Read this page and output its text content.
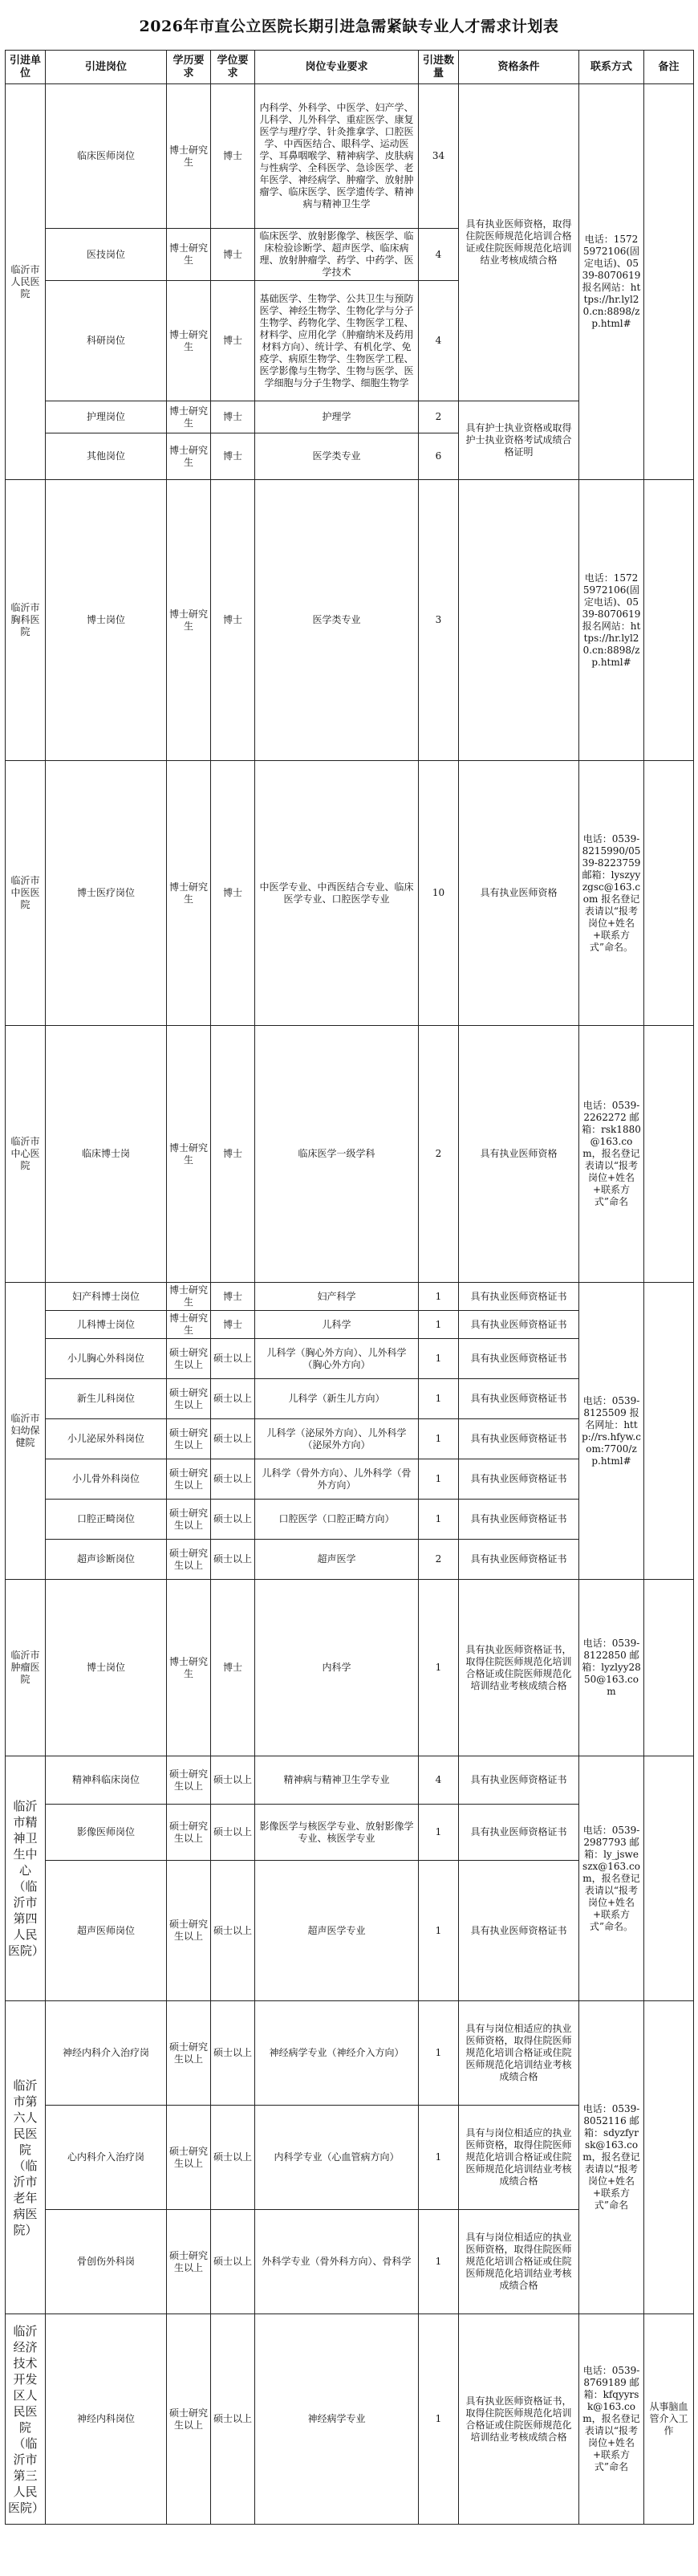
2026年市直公立医院长期引进急需紧缺专业人才需求计划表
引进单位	引进岗位	学历要求	学位要求	岗位专业要求	引进数量	资格条件	联系方式	备注
临沂市人民医院	临床医师岗位	博士研究生	博士	内科学、外科学、中医学、妇产学、儿科学、儿外科学、重症医学、康复医学与理疗学、针灸推拿学、口腔医学、中西医结合、眼科学、运动医学、耳鼻咽喉学、精神病学、皮肤病与性病学、全科医学、急诊医学、老年医学、神经病学、肿瘤学、放射肿瘤学、临床医学、医学遗传学、精神病与精神卫生学	34	具有执业医师资格，取得住院医师规范化培训合格证或住院医师规范化培训结业考核成绩合格	电话：15725972106(固定电话)、0539-8070619 报名网站：https://hr.lyl20.cn:8898/zp.html#	
	医技岗位	博士研究生	博士	临床医学、放射影像学、核医学、临床检验诊断学、超声医学、临床病理、放射肿瘤学、药学、中药学、医学技术	4			
	科研岗位	博士研究生	博士	基础医学、生物学、公共卫生与预防医学、神经生物学、生物化学与分子生物学、药物化学、生物医学工程、材料学、应用化学（肿瘤纳米及药用材料方向）、统计学、有机化学、免疫学、病原生物学、生物医学工程、医学影像与生物学、生物与医学、医学细胞与分子生物学、细胞生物学	4			
	护理岗位	博士研究生	博士	护理学	2	具有护士执业资格或取得护士执业资格考试成绩合格证明		
	其他岗位	博士研究生	博士	医学类专业	6			
临沂市胸科医院	博士岗位	博士研究生	博士	医学类专业	3		电话：15725972106(固定电话)、0539-8070619 报名网站：https://hr.lyl20.cn:8898/zp.html#	
临沂市中医医院	博士医疗岗位	博士研究生	博士	中医学专业、中西医结合专业、临床医学专业、口腔医学专业	10	具有执业医师资格	电话：0539-8215990/0539-8223759 邮箱：lyszyyzgsc@163.com 报名登记表请以“报考岗位+姓名+联系方式”命名。	
临沂市中心医院	临床博士岗	博士研究生	博士	临床医学一级学科	2	具有执业医师资格	电话：0539-2262272 邮箱：rsk1880@163.com，报名登记表请以“报考岗位+姓名+联系方式”命名	
临沂市妇幼保健院	妇产科博士岗位	博士研究生	博士	妇产科学	1	具有执业医师资格证书	电话：0539-8125509 报名网址：http://rs.hfyw.com:7700/zp.html#	
	儿科博士岗位	博士研究生	博士	儿科学	1	具有执业医师资格证书		
	小儿胸心外科岗位	硕士研究生以上	硕士以上	儿科学（胸心外方向）、儿外科学（胸心外方向）	1	具有执业医师资格证书		
	新生儿科岗位	硕士研究生以上	硕士以上	儿科学（新生儿方向）	1	具有执业医师资格证书		
	小儿泌尿外科岗位	硕士研究生以上	硕士以上	儿科学（泌尿外方向）、儿外科学（泌尿外方向）	1	具有执业医师资格证书		
	小儿骨外科岗位	硕士研究生以上	硕士以上	儿科学（骨外方向）、儿外科学（骨外方向）	1	具有执业医师资格证书		
	口腔正畸岗位	硕士研究生以上	硕士以上	口腔医学（口腔正畸方向）	1	具有执业医师资格证书		
	超声诊断岗位	硕士研究生以上	硕士以上	超声医学	2	具有执业医师资格证书		
临沂市肿瘤医院	博士岗位	博士研究生	博士	内科学	1	具有执业医师资格证书，取得住院医师规范化培训合格证或住院医师规范化培训结业考核成绩合格	电话：0539-8122850 邮箱：lyzlyy2850@163.com	
临沂市精神卫生中心（临沂市第四人民医院）	精神科临床岗位	硕士研究生以上	硕士以上	精神病与精神卫生学专业	4	具有执业医师资格证书	电话：0539-2987793 邮箱：ly_jsweszx@163.com，报名登记表请以“报考岗位+姓名+联系方式”命名。	
	影像医师岗位	硕士研究生以上	硕士以上	影像医学与核医学专业、放射影像学专业、核医学专业	1	具有执业医师资格证书		
	超声医师岗位	硕士研究生以上	硕士以上	超声医学专业	1	具有执业医师资格证书		
临沂市第六人民医院（临沂市老年病医院）	神经内科介入治疗岗	硕士研究生以上	硕士以上	神经病学专业（神经介入方向）	1	具有与岗位相适应的执业医师资格，取得住院医师规范化培训合格证或住院医师规范化培训结业考核成绩合格	电话：0539-8052116 邮箱：sdyzfyrsk@163.com，报名登记表请以“报考岗位+姓名+联系方式”命名	
	心内科介入治疗岗	硕士研究生以上	硕士以上	内科学专业（心血管病方向）	1	具有与岗位相适应的执业医师资格，取得住院医师规范化培训合格证或住院医师规范化培训结业考核成绩合格		
	骨创伤外科岗	硕士研究生以上	硕士以上	外科学专业（骨外科方向）、骨科学	1	具有与岗位相适应的执业医师资格，取得住院医师规范化培训合格证或住院医师规范化培训结业考核成绩合格		
临沂经济技术开发区人民医院（临沂市第三人民医院）	神经内科岗位	硕士研究生以上	硕士以上	神经病学专业	1	具有执业医师资格证书，取得住院医师规范化培训合格证或住院医师规范化培训结业考核成绩合格	电话：0539-8769189 邮箱：kfqyyrsk@163.com，报名登记表请以“报考岗位+姓名+联系方式”命名	从事脑血管介入工作
